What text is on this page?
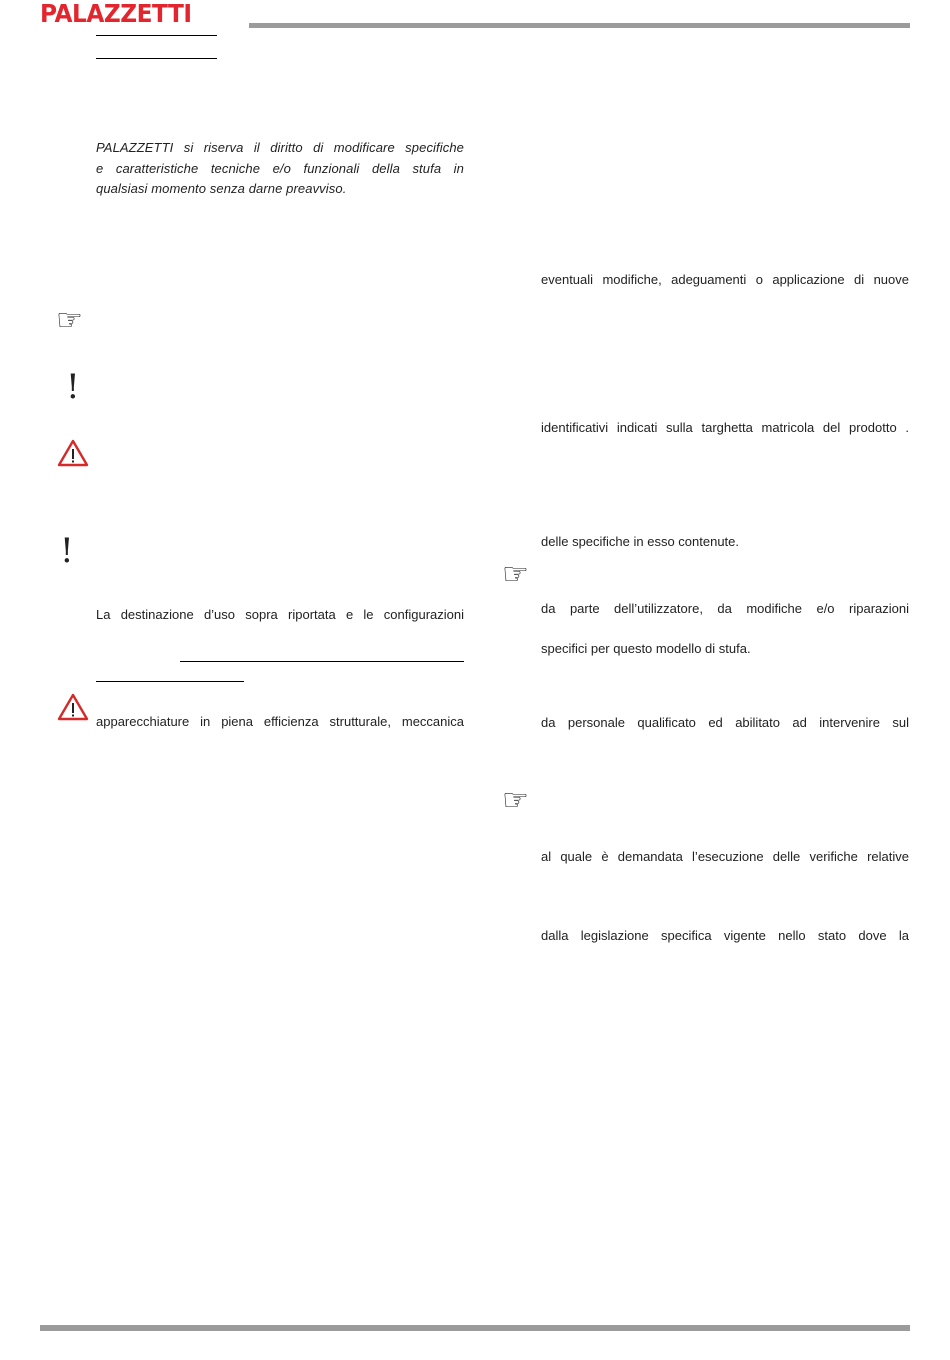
PALAZZETTI
PALAZZETTI si riserva il diritto di modificare specifiche
e caratteristiche tecniche e/o funzionali della stufa in
qualsiasi momento senza darne preavviso.
☞
!
!
La destinazione d’uso sopra riportata e le configurazioni
apparecchiature in piena efficienza strutturale, meccanica
eventuali modifiche, adeguamenti o applicazione di nuove
identificativi indicati sulla targhetta matricola del prodotto .
delle specifiche in esso contenute.
☞
da parte dell’utilizzatore, da modifiche e/o riparazioni
specifici per questo modello di stufa.
da personale qualificato ed abilitato ad intervenire sul
☞
al quale è demandata l’esecuzione delle verifiche relative
dalla legislazione specifica vigente nello stato dove la
